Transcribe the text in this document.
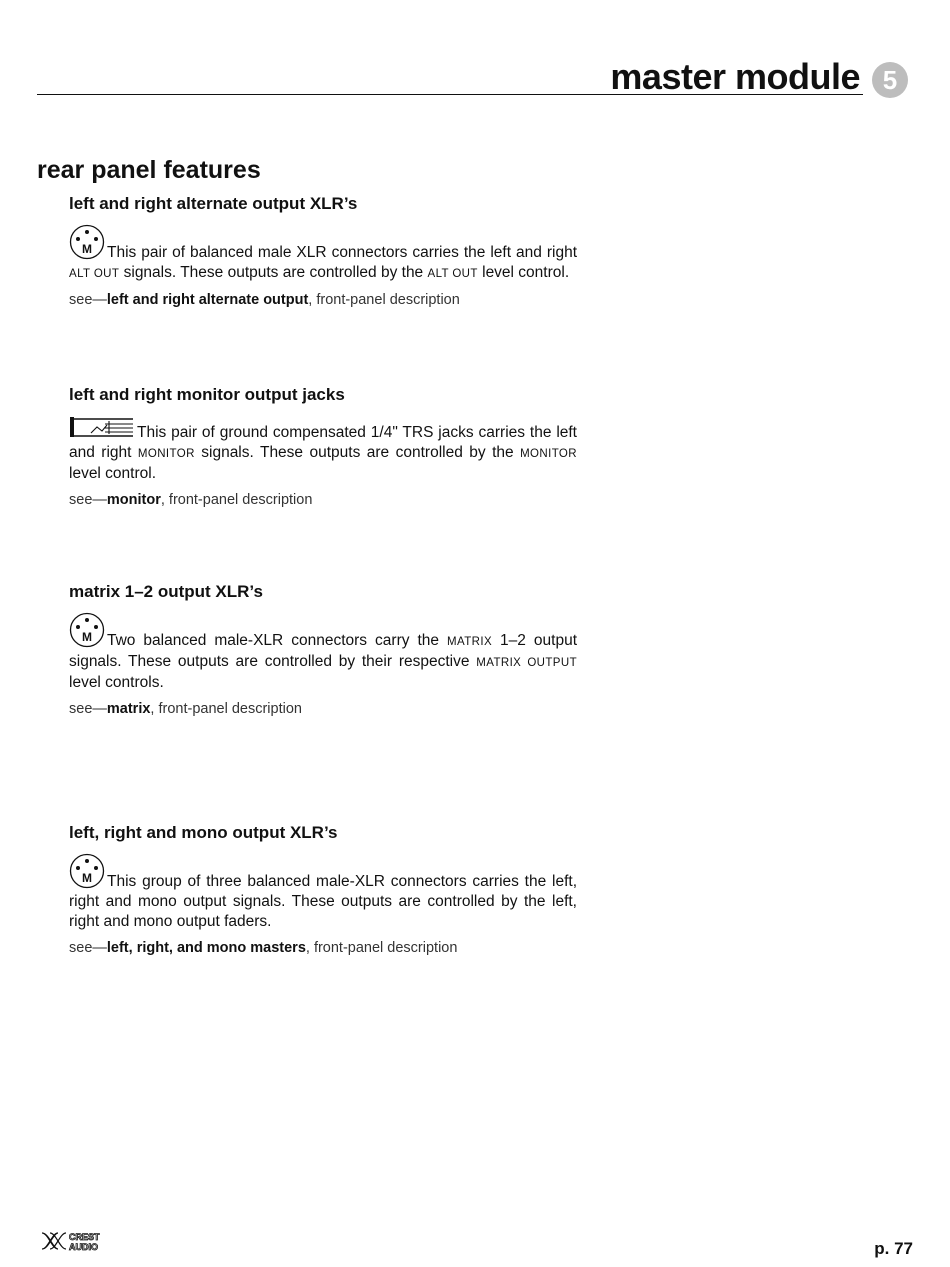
master module 5
rear panel features
left and right alternate output XLR’s

M This pair of balanced male XLR connectors carries the left and right ALT OUT signals. These outputs are controlled by the ALT OUT level control.

see—left and right alternate output, front-panel description
left and right monitor output jacks

This pair of ground compensated 1/4" TRS jacks carries the left and right MONITOR signals. These outputs are controlled by the MONITOR level control.

see—monitor, front-panel description
matrix 1–2 output XLR’s

M Two balanced male-XLR connectors carry the MATRIX 1–2 output signals. These outputs are controlled by their respective MATRIX OUTPUT level controls.

see—matrix, front-panel description
left, right and mono output XLR’s

M This group of three balanced male-XLR connectors carries the left, right and mono output signals. These outputs are controlled by the left, right and mono output faders.

see—left, right, and mono masters, front-panel description
CREST
AUDIO	p. 77
